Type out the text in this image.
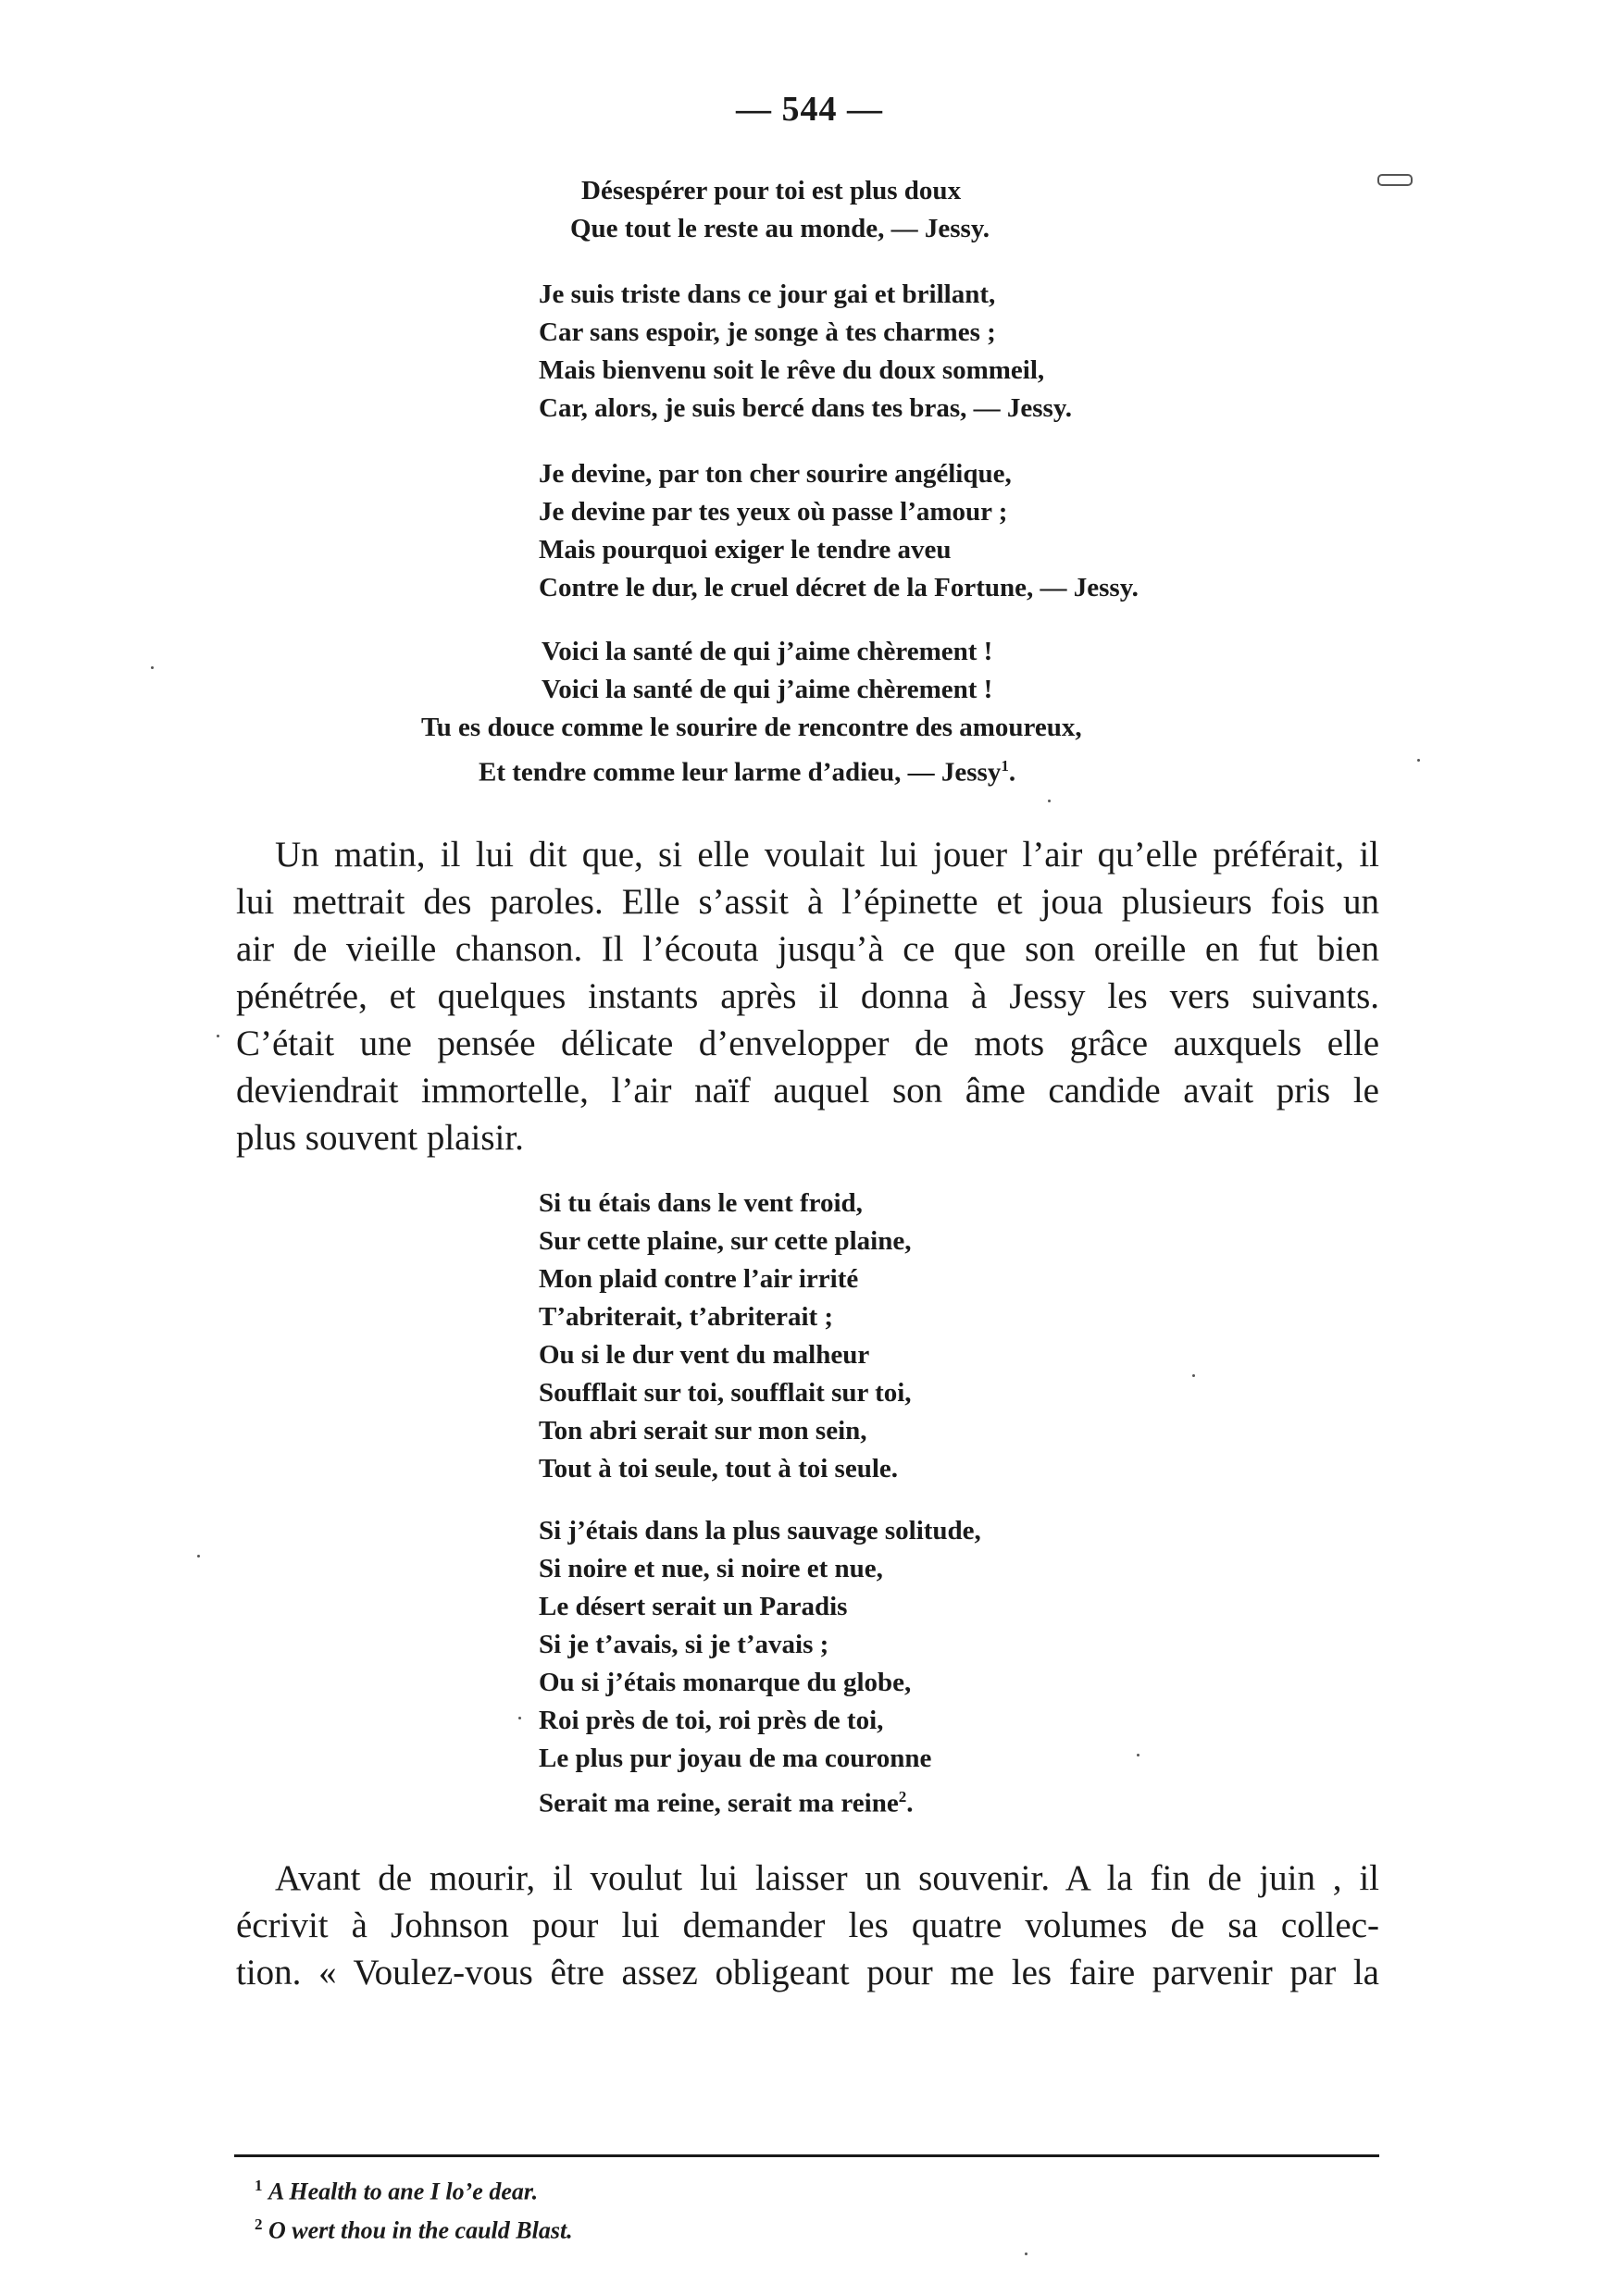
— 544 —
Désespérer pour toi est plus doux
Que tout le reste au monde, — Jessy.
Je suis triste dans ce jour gai et brillant,
Car sans espoir, je songe à tes charmes ;
Mais bienvenu soit le rêve du doux sommeil,
Car, alors, je suis bercé dans tes bras, — Jessy.
Je devine, par ton cher sourire angélique,
Je devine par tes yeux où passe l’amour ;
Mais pourquoi exiger le tendre aveu
Contre le dur, le cruel décret de la Fortune, — Jessy.
Voici la santé de qui j’aime chèrement !
Voici la santé de qui j’aime chèrement !
Tu es douce comme le sourire de rencontre des amoureux,
Et tendre comme leur larme d’adieu, — Jessy$^1$.
Un matin, il lui dit que, si elle voulait lui jouer l’air qu’elle préférait, il
lui mettrait des paroles. Elle s’assit à l’épinette et joua plusieurs fois un
air de vieille chanson. Il l’écouta jusqu’à ce que son oreille en fut bien
pénétrée, et quelques instants après il donna à Jessy les vers suivants.
C’était une pensée délicate d’envelopper de mots grâce auxquels elle
deviendrait immortelle, l’air naïf auquel son âme candide avait pris le
plus souvent plaisir.
Si tu étais dans le vent froid,
Sur cette plaine, sur cette plaine,
Mon plaid contre l’air irrité
T’abriterait, t’abriterait ;
Ou si le dur vent du malheur
Soufflait sur toi, soufflait sur toi,
Ton abri serait sur mon sein,
Tout à toi seule, tout à toi seule.
Si j’étais dans la plus sauvage solitude,
Si noire et nue, si noire et nue,
Le désert serait un Paradis
Si je t’avais, si je t’avais ;
Ou si j’étais monarque du globe,
Roi près de toi, roi près de toi,
Le plus pur joyau de ma couronne
Serait ma reine, serait ma reine$^2$.
Avant de mourir, il voulut lui laisser un souvenir. A la fin de juin , il
écrivit à Johnson pour lui demander les quatre volumes de sa collec-
tion. « Voulez-vous être assez obligeant pour me les faire parvenir par la
$^1$ A Health to ane I lo’e dear.
$^2$ O wert thou in the cauld Blast.
